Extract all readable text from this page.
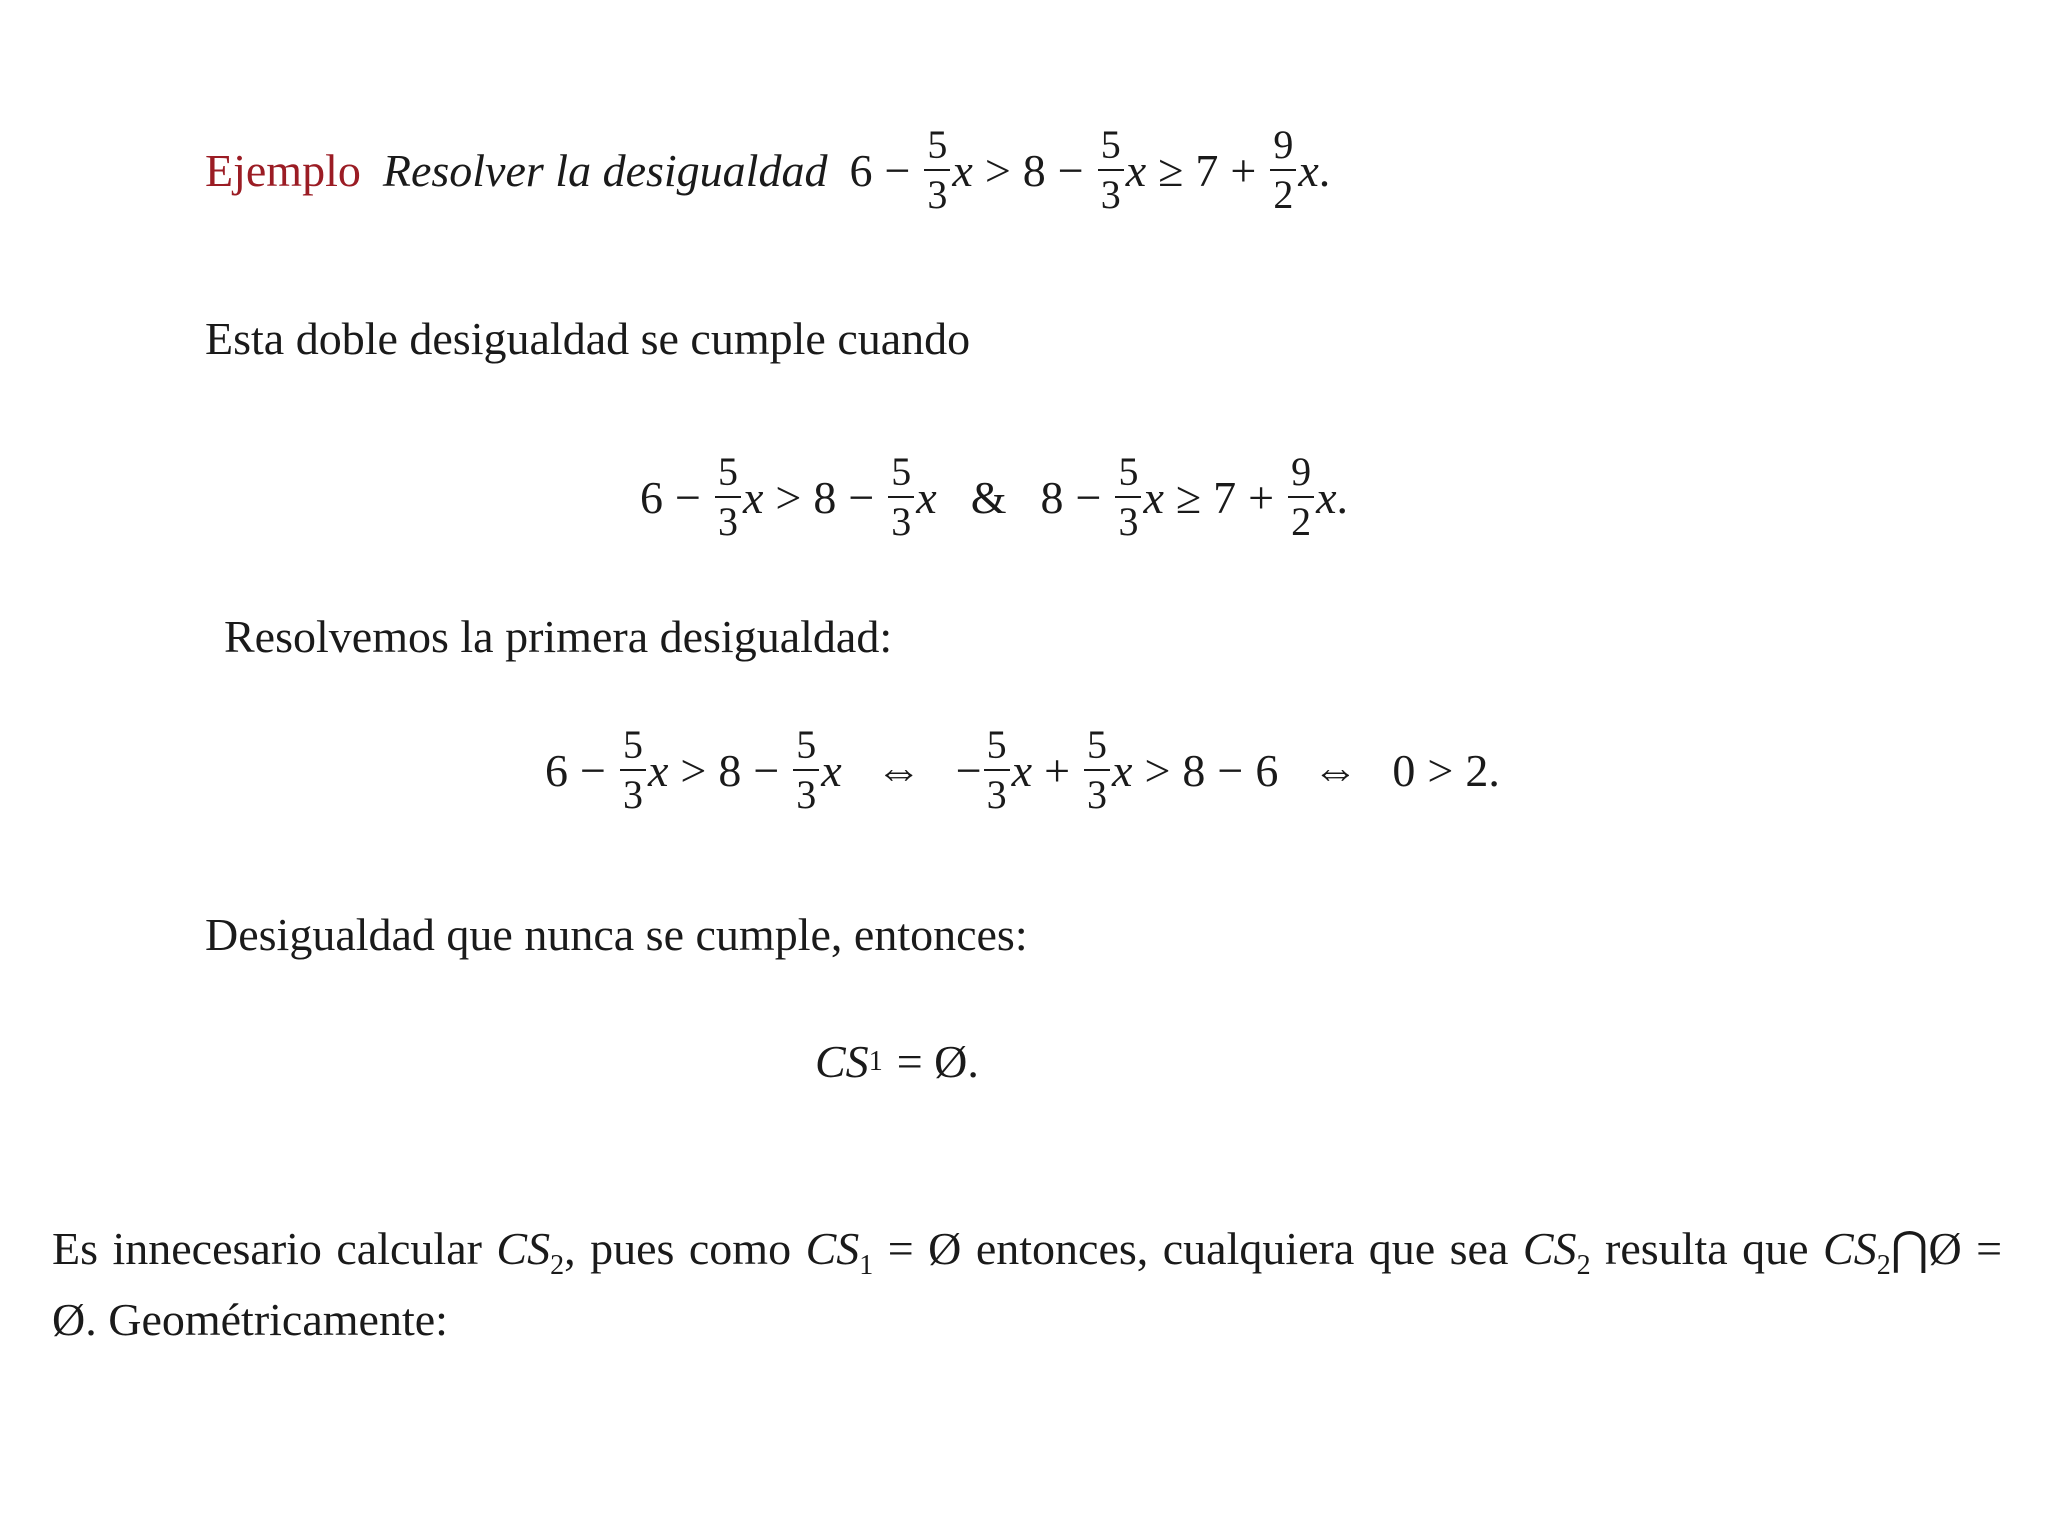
Ejemplo Resolver la desigualdad $6 - \frac{5}{3}$ $x > 8 - \frac{5}{3}$ $x \ge 7 + \frac{9}{2}$ x .
Esta doble desigualdad se cumple cuando
$6 - \frac{5}{3}$ $x > 8 - \frac{5}{3}$ x & $8 - \frac{5}{3}$ $x \ge 7 + \frac{9}{2}$ x .
Resolvemos la primera desigualdad:
$6 - \frac{5}{3}$ $x > 8 - \frac{5}{3}$ x ⇔ − $\frac{5}{3}$ $x + \frac{5}{3}$ x > 8 − 6 ⇔ 0 > 2 .
Desigualdad que nunca se cumple, entonces:
CS 1 = Ø.
Es innecesario calcular $CS_2$, pues como $CS_1$ = Ø entonces, cualquiera que sea $CS_2$ resulta que $CS_2⋂Ø$ = Ø. Geométricamente:
